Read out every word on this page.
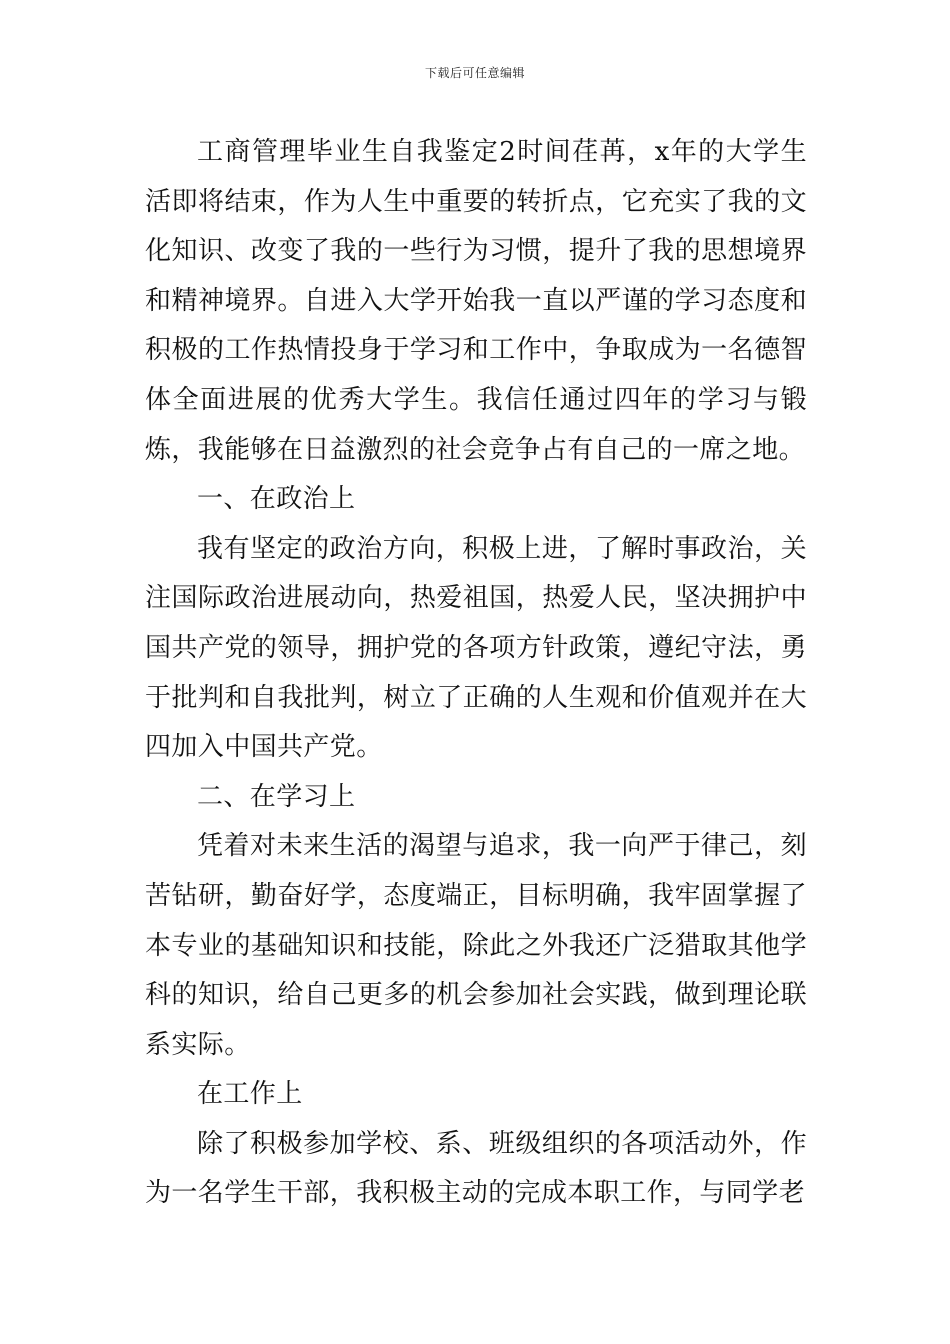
下载后可任意编辑

工商管理毕业生自我鉴定2时间荏苒，x年的大学生活即将结束，作为人生中重要的转折点，它充实了我的文化知识、改变了我的一些行为习惯，提升了我的思想境界和精神境界。自进入大学开始我一直以严谨的学习态度和积极的工作热情投身于学习和工作中，争取成为一名德智体全面进展的优秀大学生。我信任通过四年的学习与锻炼，我能够在日益激烈的社会竞争占有自己的一席之地。

一、在政治上

我有坚定的政治方向，积极上进，了解时事政治，关注国际政治进展动向，热爱祖国，热爱人民，坚决拥护中国共产党的领导，拥护党的各项方针政策，遵纪守法，勇于批判和自我批判，树立了正确的人生观和价值观并在大四加入中国共产党。

二、在学习上

凭着对未来生活的渴望与追求，我一向严于律己，刻苦钻研，勤奋好学，态度端正，目标明确，我牢固掌握了本专业的基础知识和技能，除此之外我还广泛猎取其他学科的知识，给自己更多的机会参加社会实践，做到理论联系实际。

在工作上

除了积极参加学校、系、班级组织的各项活动外，作为一名学生干部，我积极主动的完成本职工作，与同学老
